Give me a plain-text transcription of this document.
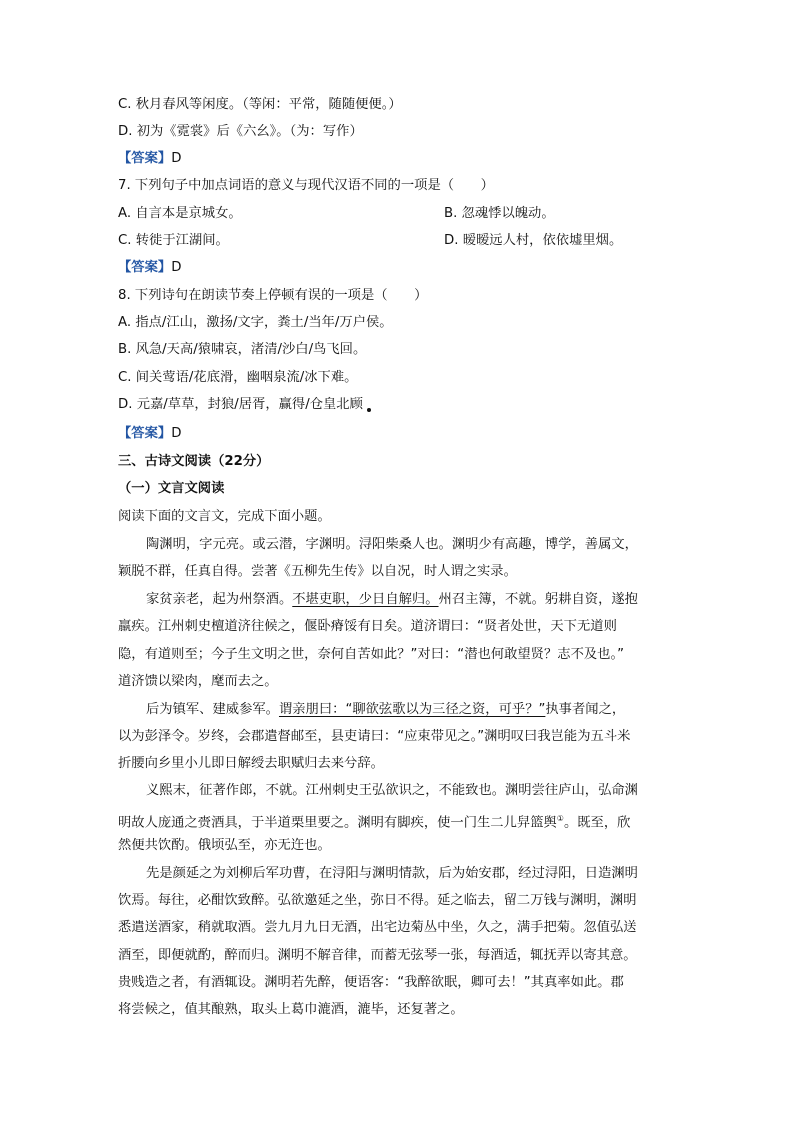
C. 秋月春风等闲度。（等闲：平常，随随便便。）
D. 初为《霓裳》后《六幺》。（为：写作）
【答案】D
7. 下列句子中加点词语的意义与现代汉语不同的一项是（　　）
A. 自言本是京城女。	B. 忽魂悸以魄动。
C. 转徙于江湖间。	D. 暧暧远人村，依依墟里烟。
【答案】D
8. 下列诗句在朗读节奏上停顿有误的一项是（　　）
A. 指点/江山，激扬/文字，粪土/当年/万户侯。
B. 风急/天高/猿啸哀，渚清/沙白/鸟飞回。
C. 间关莺语/花底滑，幽咽泉流/冰下难。
D. 元嘉/草草，封狼/居胥，赢得/仓皇北顾
【答案】D
三、古诗文阅读（22分）
（一）文言文阅读
阅读下面的文言文，完成下面小题。
陶渊明，字元亮。或云潜，字渊明。浔阳柴桑人也。渊明少有高趣，博学，善属文，
颖脱不群，任真自得。尝著《五柳先生传》以自况，时人谓之实录。
家贫亲老，起为州祭酒。不堪吏职，少日自解归。州召主簿，不就。躬耕自资，遂抱
羸疾。江州刺史檀道济往候之，偃卧瘠馁有日矣。道济谓曰：“贤者处世，天下无道则
隐，有道则至；今子生文明之世，奈何自苦如此？”对曰：“潜也何敢望贤？志不及也。”
道济馈以梁肉，麾而去之。
后为镇军、建威参军。谓亲朋曰：“聊欲弦歌以为三径之资，可乎？”执事者闻之，
以为彭泽令。岁终，会郡遣督邮至，县吏请曰：“应束带见之。”渊明叹曰我岂能为五斗米
折腰向乡里小儿即日解绶去职赋归去来兮辞。
义熙末，征著作郎，不就。江州刺史王弘欲识之，不能致也。渊明尝往庐山，弘命渊
明故人庞通之赍酒具，于半道栗里要之。渊明有脚疾，使一门生二儿舁篮舆①。既至，欣
然便共饮酌。俄顷弘至，亦无迕也。
先是颜延之为刘柳后军功曹，在浔阳与渊明情款，后为始安郡，经过浔阳，日造渊明
饮焉。每往，必酣饮致醉。弘欲邀延之坐，弥日不得。延之临去，留二万钱与渊明，渊明
悉遣送酒家，稍就取酒。尝九月九日无酒，出宅边菊丛中坐，久之，满手把菊。忽值弘送
酒至，即便就酌，醉而归。渊明不解音律，而蓄无弦琴一张，每酒适，辄抚弄以寄其意。
贵贱造之者，有酒辄设。渊明若先醉，便语客：“我醉欲眠，卿可去！”其真率如此。郡
将尝候之，值其酿熟，取头上葛巾漉酒，漉毕，还复著之。
